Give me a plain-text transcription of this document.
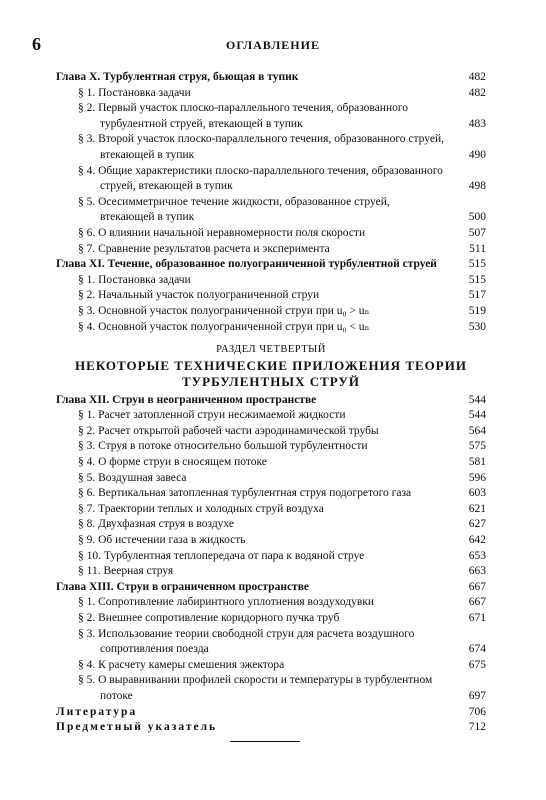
6	ОГЛАВЛЕНИЕ
Глава X. Турбулентная струя, бьющая в тупик	482
§ 1. Постановка задачи	482
§ 2. Первый участок плоско-параллельного течения, образованного турбулентной струей, втекающей в тупик	483
§ 3. Второй участок плоско-параллельного течения, образованного струей, втекающей в тупик	490
§ 4. Общие характеристики плоско-параллельного течения, образованного струей, втекающей в тупик	498
§ 5. Осесимметричное течение жидкости, образованное струей, втекающей в тупик	500
§ 6. О влиянии начальной неравномерности поля скорости	507
§ 7. Сравнение результатов расчета и эксперимента	511
Глава XI. Течение, образованное полуограниченной турбулентной струей	515
§ 1. Постановка задачи	515
§ 2. Начальный участок полуограниченной струи	517
§ 3. Основной участок полуограниченной струи при u₀ > uₙ	519
§ 4. Основной участок полуограниченной струи при u₀ < uₙ	530
РАЗДЕЛ ЧЕТВЕРТЫЙ
НЕКОТОРЫЕ ТЕХНИЧЕСКИЕ ПРИЛОЖЕНИЯ ТЕОРИИ
ТУРБУЛЕНТНЫХ СТРУЙ
Глава XII. Струи в неограниченном пространстве	544
§ 1. Расчет затопленной струи несжимаемой жидкости	544
§ 2. Расчет открытой рабочей части аэродинамической трубы	564
§ 3. Струя в потоке относительно большой турбулентности	575
§ 4. О форме струи в сносящем потоке	581
§ 5. Воздушная завеса	596
§ 6. Вертикальная затопленная турбулентная струя подогретого газа	603
§ 7. Траектории теплых и холодных струй воздуха	621
§ 8. Двухфазная струя в воздухе	627
§ 9. Об истечении газа в жидкость	642
§ 10. Турбулентная теплопередача от пара к водяной струе	653
§ 11. Веерная струя	663
Глава XIII. Струи в ограниченном пространстве	667
§ 1. Сопротивление лабиринтного уплотнения воздуходувки	667
§ 2. Внешнее сопротивление коридорного пучка труб	671
§ 3. Использование теории свободной струи для расчета воздушного сопротивления поезда	674
§ 4. К расчету камеры смешения эжектора	675
§ 5. О выравнивании профилей скорости и температуры в турбулентном потоке	697
Литература	706
Предметный указатель	712
